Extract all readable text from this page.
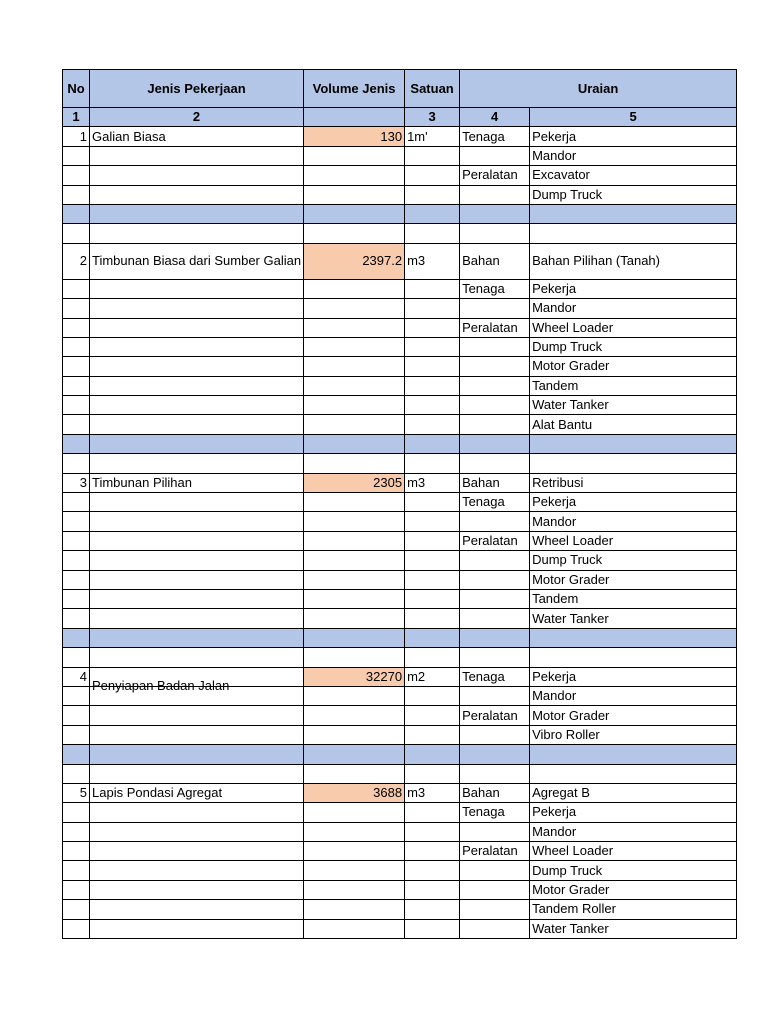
No	Jenis Pekerjaan	Volume Jenis	Satuan	Uraian	
1	2		3	4	5
1	Galian Biasa	130	1m'	Tenaga	Pekerja
					Mandor
				Peralatan	Excavator
					Dump Truck

2	Timbunan Biasa dari Sumber Galian	2397.2	m3	Bahan	Bahan Pilihan (Tanah)
				Tenaga	Pekerja
					Mandor
				Peralatan	Wheel Loader
					Dump Truck
					Motor Grader
					Tandem
					Water Tanker
					Alat Bantu

3	Timbunan Pilihan	2305	m3	Bahan	Retribusi
				Tenaga	Pekerja
					Mandor
				Peralatan	Wheel Loader
					Dump Truck
					Motor Grader
					Tandem
					Water Tanker

4	Penyiapan Badan Jalan	32270	m2	Tenaga	Pekerja
					Mandor
				Peralatan	Motor Grader
					Vibro Roller

5	Lapis Pondasi Agregat	3688	m3	Bahan	Agregat B
				Tenaga	Pekerja
					Mandor
				Peralatan	Wheel Loader
					Dump Truck
					Motor Grader
					Tandem Roller
					Water Tanker
